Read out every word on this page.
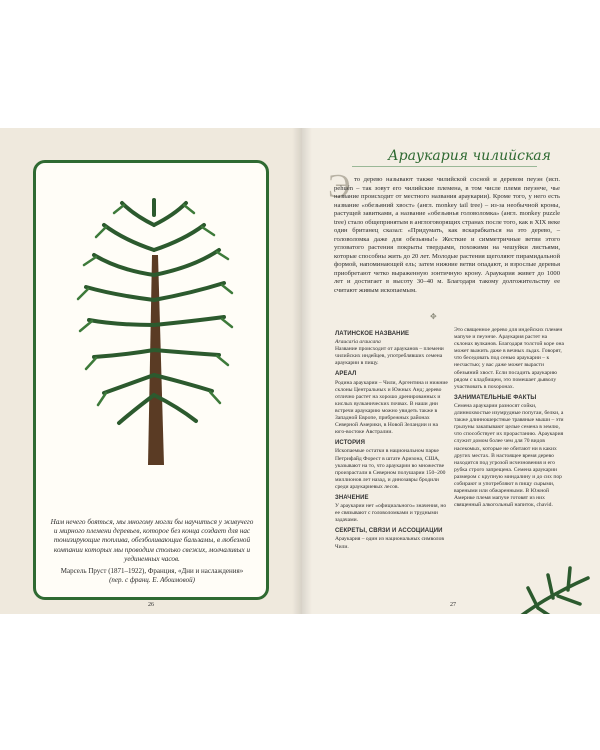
Нам нечего бояться, мы многому могли бы научиться у живучего и мирного племени деревьев, которое без конца создает для нас тонизирующие топлива, обезболивающие бальзамы, в любезной компании которых мы проводим столько свежих, молчаливых и уединенных часов.
Марсель Пруст (1871–1922), Франция, «Дни и наслаждения»
(пер. с франц. Е. Абоимовой)
26	27
Э
Араукария чилийская
то дерево называют также чилийской сосной и деревом пеуэн (исп. pehuén – так зовут его чилийские племена, в том числе племя пеуэнче, чье название происходит от местного названия араукарии). Кроме того, у него есть название «обезьяний хвост» (англ. monkey tail tree) – из-за необычной кроны, растущей завитками, а название «обезьянья головоломка» (англ. monkey puzzle tree) стало общепринятым в англоговорящих странах после того, как в XIX веке один британец сказал: «Придумать, как вскарабкаться на это дерево, – головоломка даже для обезьяны!» Жесткие и симметричные ветви этого угловатого растения покрыты твердыми, похожими на чешуйки листьями, которые способны жить до 20 лет. Молодые растения щеголяют пирамидальной формой, напоминающей ель; затем нижние ветви опадают, и взрослые деревья приобретают четко выраженную зонтичную крону. Араукария живет до 1000 лет и достигает в высоту 30–40 м. Благодаря такому долгожительству ее считают живым ископаемым.
✥
ЛАТИНСКОЕ НАЗВАНИЕ

Araucaria araucana

Название происходит от арауканов – племени чилийских индейцев, употреблявших семена араукарии в пищу.

АРЕАЛ

Родина араукарии – Чили, Аргентина и нижние склоны Центральных и Южных Анд; дерево отлично растет на хорошо дренированных и кислых вулканических почвах. В наши дни встречи араукарию можно увидеть также в Западной Европе, прибрежных районах Северной Америки, в Новой Зеландии и на юго-востоке Австралии.

ИСТОРИЯ

Ископаемые остатки в национальном парке Петрифайд Форест в штате Аризона, США, указывают на то, что араукарии во множестве произрастали в Северном полушарии 150–200 миллионов лет назад, и динозавры бродили среди араукариевых лесов.

ЗНАЧЕНИЕ

У араукарии нет «официального» значения, но ее связывают с головоломками и трудными задачами.

СЕКРЕТЫ, СВЯЗИ И АССОЦИАЦИИ

Араукария – один из национальных символов Чили.

Это священное дерево для индейских племен мапуче и пеуэнче. Араукария растет на склонах вулканов. Благодаря толстой коре она может выжить даже в вечных льдах. Говорят, что беседовать под сенью араукарии – к несчастью; у вас даже может вырасти обезьяний хвост. Если посадить араукарию рядом с кладбищем, это помешает дьяволу участвовать в похоронах.

ЗАНИМАТЕЛЬНЫЕ ФАКТЫ

Семена араукарии разносят сойки, длиннохвостые изумрудные попугаи, белки, а также длинношерстные травяные мыши – эти грызуны закапывают целые семена в землю, что способствует их прорастанию. Араукария служит домом более чем для 70 видов насекомых, которые не обитают ни в каких других местах. В настоящее время дерево находится под угрозой исчезновения и его рубка строго запрещена. Семена араукарии размером с крупную миндалину и до сих пор собирают и употребляют в пищу сырыми, вареными или обжаренными. В Южной Америке племя мапуче готовят из них священный алкогольный напиток, chavid.
